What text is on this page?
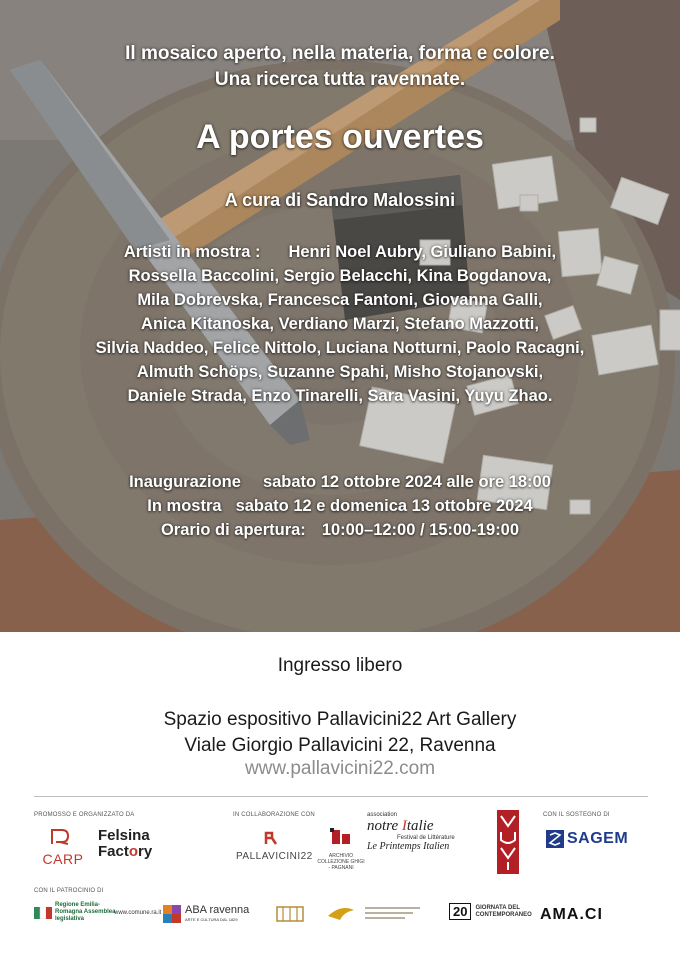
Il mosaico aperto, nella materia, forma e colore.
Una ricerca tutta ravennate.
A portes ouvertes
A cura di Sandro Malossini
Artisti in mostra : Henri Noel Aubry, Giuliano Babini,
Rossella Baccolini, Sergio Belacchi, Kina Bogdanova,
Mila Dobrevska, Francesca Fantoni, Giovanna Galli,
Anica Kitanoska, Verdiano Marzi, Stefano Mazzotti,
Silvia Naddeo, Felice Nittolo, Luciana Notturni, Paolo Racagni,
Almuth Schöps, Suzanne Spahi, Misho Stojanovski,
Daniele Strada, Enzo Tinarelli, Sara Vasini, Yuyu Zhao.
Inaugurazione sabato 12 ottobre 2024 alle ore 18:00
In mostra sabato 12 e domenica 13 ottobre 2024
Orario di apertura: 10:00–12:00 / 15:00-19:00
Ingresso libero
Spazio espositivo Pallavicini22 Art Gallery
Viale Giorgio Pallavicini 22, Ravenna
www.pallavicini22.com
PROMOSSO E ORGANIZZATO DA	IN COLLABORAZIONE CON	CON IL SOSTEGNO DI
CARP
Felsina
Factory	PALLAVICINI22	ARCHIVIO COLLEZIONE GHIGI - PAGNANI
association
notre Italie
Festival de Littérature
Le Printemps Italien	SAGEM
CON IL PATROCINIO DI
Regione Emilia-Romagna Assemblea legislativa
www.comune.ra.it ABA ravenna
ARTE E CULTURA DAL 1829
20	GIORNATA DEL CONTEMPORANEO AMA.CI
